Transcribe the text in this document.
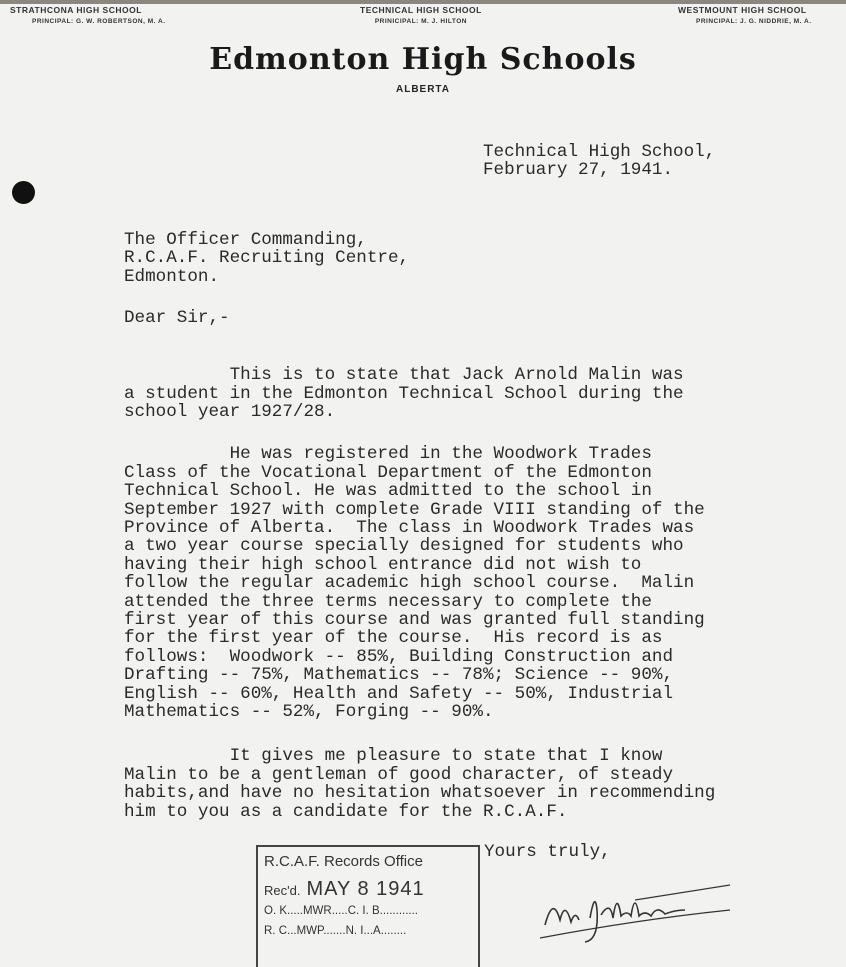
STRATHCONA HIGH SCHOOL
PRINCIPAL: G. W. ROBERTSON, M. A.
TECHNICAL HIGH SCHOOL
PRINICIPAL: M. J. HILTON
WESTMOUNT HIGH SCHOOL
PRINCIPAL: J. G. NIDDRIE, M. A.
Edmonton High Schools
ALBERTA
Technical High School,
February 27, 1941.
The Officer Commanding,
R.C.A.F. Recruiting Centre,
Edmonton.
Dear Sir,-

This is to state that Jack Arnold Malin was
a student in the Edmonton Technical School during the
school year 1927/28.

He was registered in the Woodwork Trades
Class of the Vocational Department of the Edmonton
Technical School. He was admitted to the school in
September 1927 with complete Grade VIII standing of the
Province of Alberta.  The class in Woodwork Trades was
a two year course specially designed for students who
having their high school entrance did not wish to
follow the regular academic high school course.  Malin
attended the three terms necessary to complete the
first year of this course and was granted full standing
for the first year of the course.  His record is as
follows:  Woodwork -- 85%, Building Construction and
Drafting -- 75%, Mathematics -- 78%; Science -- 90%,
English -- 60%, Health and Safety -- 50%, Industrial
Mathematics -- 52%, Forging -- 90%.

It gives me pleasure to state that I know
Malin to be a gentleman of good character, of steady
habits,and have no hesitation whatsoever in recommending
him to you as a candidate for the R.C.A.F.

Yours truly,
R.C.A.F. Records Office
Rec'd. MAY 8 1941
O. K.....MWR.....C. I. B............
R. C...MWP.......N. I...A........
